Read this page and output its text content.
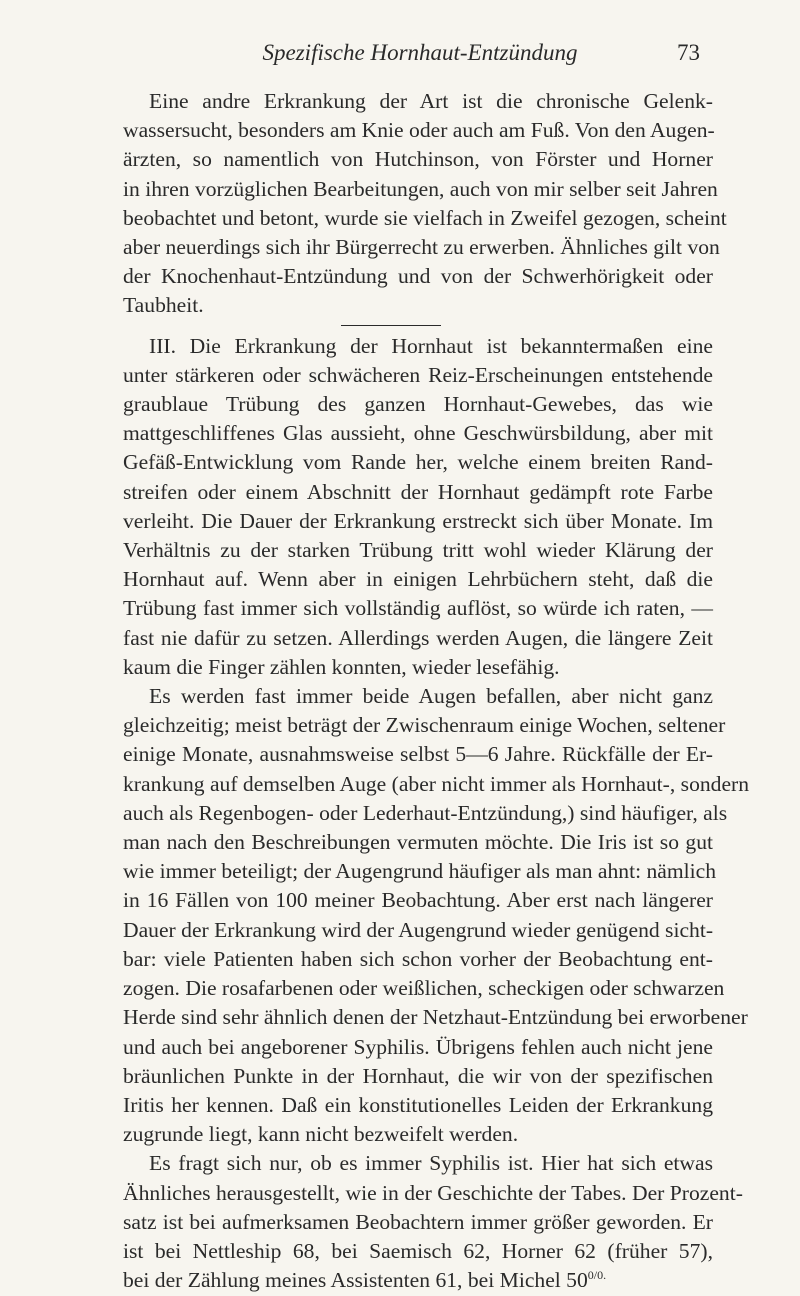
Spezifische Hornhaut-Entzündung	73

Eine andre Erkrankung der Art ist die chronische Gelenk-
wassersucht, besonders am Knie oder auch am Fuß. Von den Augen-
ärzten, so namentlich von Hutchinson, von Förster und Horner
in ihren vorzüglichen Bearbeitungen, auch von mir selber seit Jahren
beobachtet und betont, wurde sie vielfach in Zweifel gezogen, scheint
aber neuerdings sich ihr Bürgerrecht zu erwerben. Ähnliches gilt von
der Knochenhaut-Entzündung und von der Schwerhörigkeit oder
Taubheit.

III. Die Erkrankung der Hornhaut ist bekanntermaßen eine
unter stärkeren oder schwächeren Reiz-Erscheinungen entstehende
graublaue Trübung des ganzen Hornhaut-Gewebes, das wie
mattgeschliffenes Glas aussieht, ohne Geschwürsbildung, aber mit
Gefäß-Entwicklung vom Rande her, welche einem breiten Rand-
streifen oder einem Abschnitt der Hornhaut gedämpft rote Farbe
verleiht. Die Dauer der Erkrankung erstreckt sich über Monate. Im
Verhältnis zu der starken Trübung tritt wohl wieder Klärung der
Hornhaut auf. Wenn aber in einigen Lehrbüchern steht, daß die
Trübung fast immer sich vollständig auflöst, so würde ich raten, —
fast nie dafür zu setzen. Allerdings werden Augen, die längere Zeit
kaum die Finger zählen konnten, wieder lesefähig.

Es werden fast immer beide Augen befallen, aber nicht ganz
gleichzeitig; meist beträgt der Zwischenraum einige Wochen, seltener
einige Monate, ausnahmsweise selbst 5—6 Jahre. Rückfälle der Er-
krankung auf demselben Auge (aber nicht immer als Hornhaut-, sondern
auch als Regenbogen- oder Lederhaut-Entzündung,) sind häufiger, als
man nach den Beschreibungen vermuten möchte. Die Iris ist so gut
wie immer beteiligt; der Augengrund häufiger als man ahnt: nämlich
in 16 Fällen von 100 meiner Beobachtung. Aber erst nach längerer
Dauer der Erkrankung wird der Augengrund wieder genügend sicht-
bar: viele Patienten haben sich schon vorher der Beobachtung ent-
zogen. Die rosafarbenen oder weißlichen, scheckigen oder schwarzen
Herde sind sehr ähnlich denen der Netzhaut-Entzündung bei erworbener
und auch bei angeborener Syphilis. Übrigens fehlen auch nicht jene
bräunlichen Punkte in der Hornhaut, die wir von der spezifischen
Iritis her kennen. Daß ein konstitutionelles Leiden der Erkrankung
zugrunde liegt, kann nicht bezweifelt werden.

Es fragt sich nur, ob es immer Syphilis ist. Hier hat sich etwas
Ähnliches herausgestellt, wie in der Geschichte der Tabes. Der Prozent-
satz ist bei aufmerksamen Beobachtern immer größer geworden. Er
ist bei Nettleship 68, bei Saemisch 62, Horner 62 (früher 57),
bei der Zählung meines Assistenten 61, bei Michel $50^{0/0.}$
